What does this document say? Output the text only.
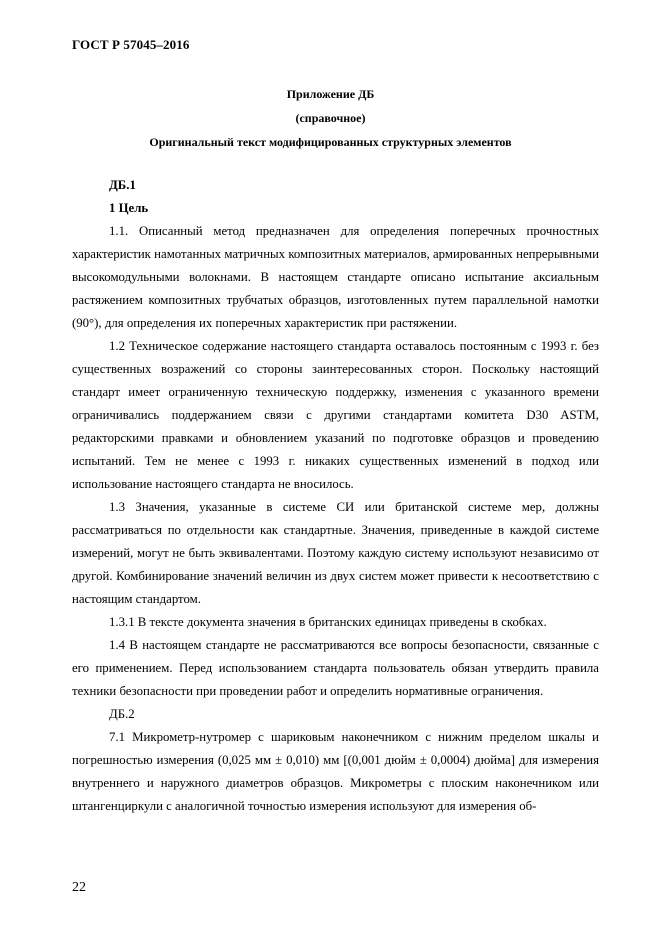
ГОСТ Р 57045–2016
Приложение ДБ
(справочное)
Оригинальный текст модифицированных структурных элементов

ДБ.1

1 Цель

1.1. Описанный метод предназначен для определения поперечных прочностных характеристик намотанных матричных композитных материалов, армированных непрерывными высокомодульными волокнами. В настоящем стандарте описано испытание аксиальным растяжением композитных трубчатых образцов, изготовленных путем параллельной намотки (90°), для определения их поперечных характеристик при растяжении.

1.2 Техническое содержание настоящего стандарта оставалось постоянным с 1993 г. без существенных возражений со стороны заинтересованных сторон. Поскольку настоящий стандарт имеет ограниченную техническую поддержку, изменения с указанного времени ограничивались поддержанием связи с другими стандартами комитета D30 ASTM, редакторскими правками и обновлением указаний по подготовке образцов и проведению испытаний. Тем не менее с 1993 г. никаких существенных изменений в подход или использование настоящего стандарта не вносилось.

1.3 Значения, указанные в системе СИ или британской системе мер, должны рассматриваться по отдельности как стандартные. Значения, приведенные в каждой системе измерений, могут не быть эквивалентами. Поэтому каждую систему используют независимо от другой. Комбинирование значений величин из двух систем может привести к несоответствию с настоящим стандартом.

1.3.1 В тексте документа значения в британских единицах приведены в скобках.

1.4 В настоящем стандарте не рассматриваются все вопросы безопасности, связанные с его применением. Перед использованием стандарта пользователь обязан утвердить правила техники безопасности при проведении работ и определить нормативные ограничения.

ДБ.2

7.1 Микрометр-нутромер с шариковым наконечником с нижним пределом шкалы и погрешностью измерения (0,025 мм ± 0,010) мм [(0,001 дюйм ± 0,0004) дюйма] для измерения внутреннего и наружного диаметров образцов. Микрометры с плоским наконечником или штангенциркули с аналогичной точностью измерения используют для измерения об-

22
